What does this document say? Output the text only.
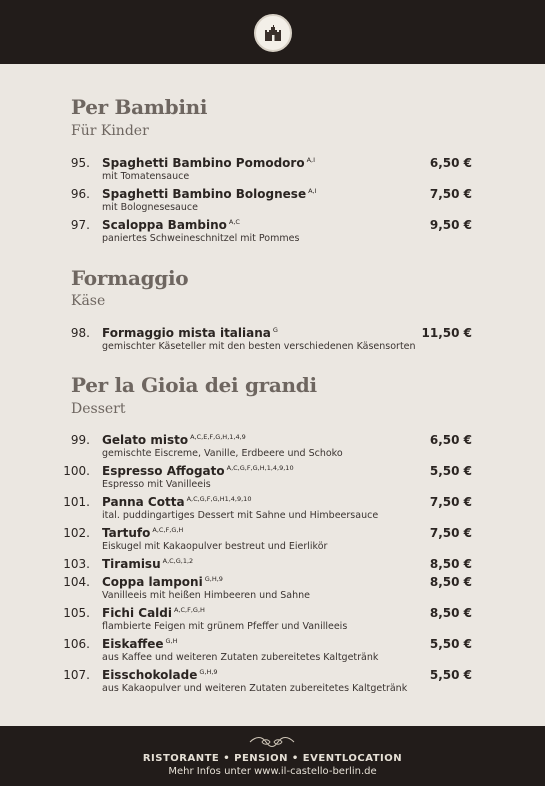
Per Bambini
Für Kinder
95. Spaghetti Bambino Pomodoro $^{A,I}$	6,50 €
mit Tomatensauce
96. Spaghetti Bambino Bolognese $^{A,I}$	7,50 €
mit Bolognesesauce
97. Scaloppa Bambino $^{A,C}$	9,50 €
paniertes Schweineschnitzel mit Pommes
Formaggio
Käse
98. Formaggio mista italiana $^G$	11,50 €
gemischter Käseteller mit den besten verschiedenen Käsensorten
Per la Gioia dei grandi
Dessert
99. Gelato misto $^{A,C,E,F,G,H,1,4,9}$	6,50 €
gemischte Eiscreme, Vanille, Erdbeere und Schoko
100. Espresso Affogato $^{A,C,G,F,G,H,1,4,9,10}$	5,50 €
Espresso mit Vanilleeis
101. Panna Cotta $^{A,C,G,F,G,H1,4,9,10}$	7,50 €
ital. puddingartiges Dessert mit Sahne und Himbeersauce
102. Tartufo $^{A,C,F,G,H}$	7,50 €
Eiskugel mit Kakaopulver bestreut und Eierlikör
103. Tiramisu $^{A,C,G,1,2}$	8,50 €
104. Coppa lamponi $^{G,H,9}$	8,50 €
Vanilleeis mit heißen Himbeeren und Sahne
105. Fichi Caldi $^{A,C,F,G,H}$	8,50 €
flambierte Feigen mit grünem Pfeffer und Vanilleeis
106. Eiskaffee $^{G,H}$	5,50 €
aus Kaffee und weiteren Zutaten zubereitetes Kaltgetränk
107. Eisschokolade $^{G,H,9}$	5,50 €
aus Kakaopulver und weiteren Zutaten zubereitetes Kaltgetränk
RISTORANTE • PENSION • EVENTLOCATION
Mehr Infos unter www.il-castello-berlin.de
